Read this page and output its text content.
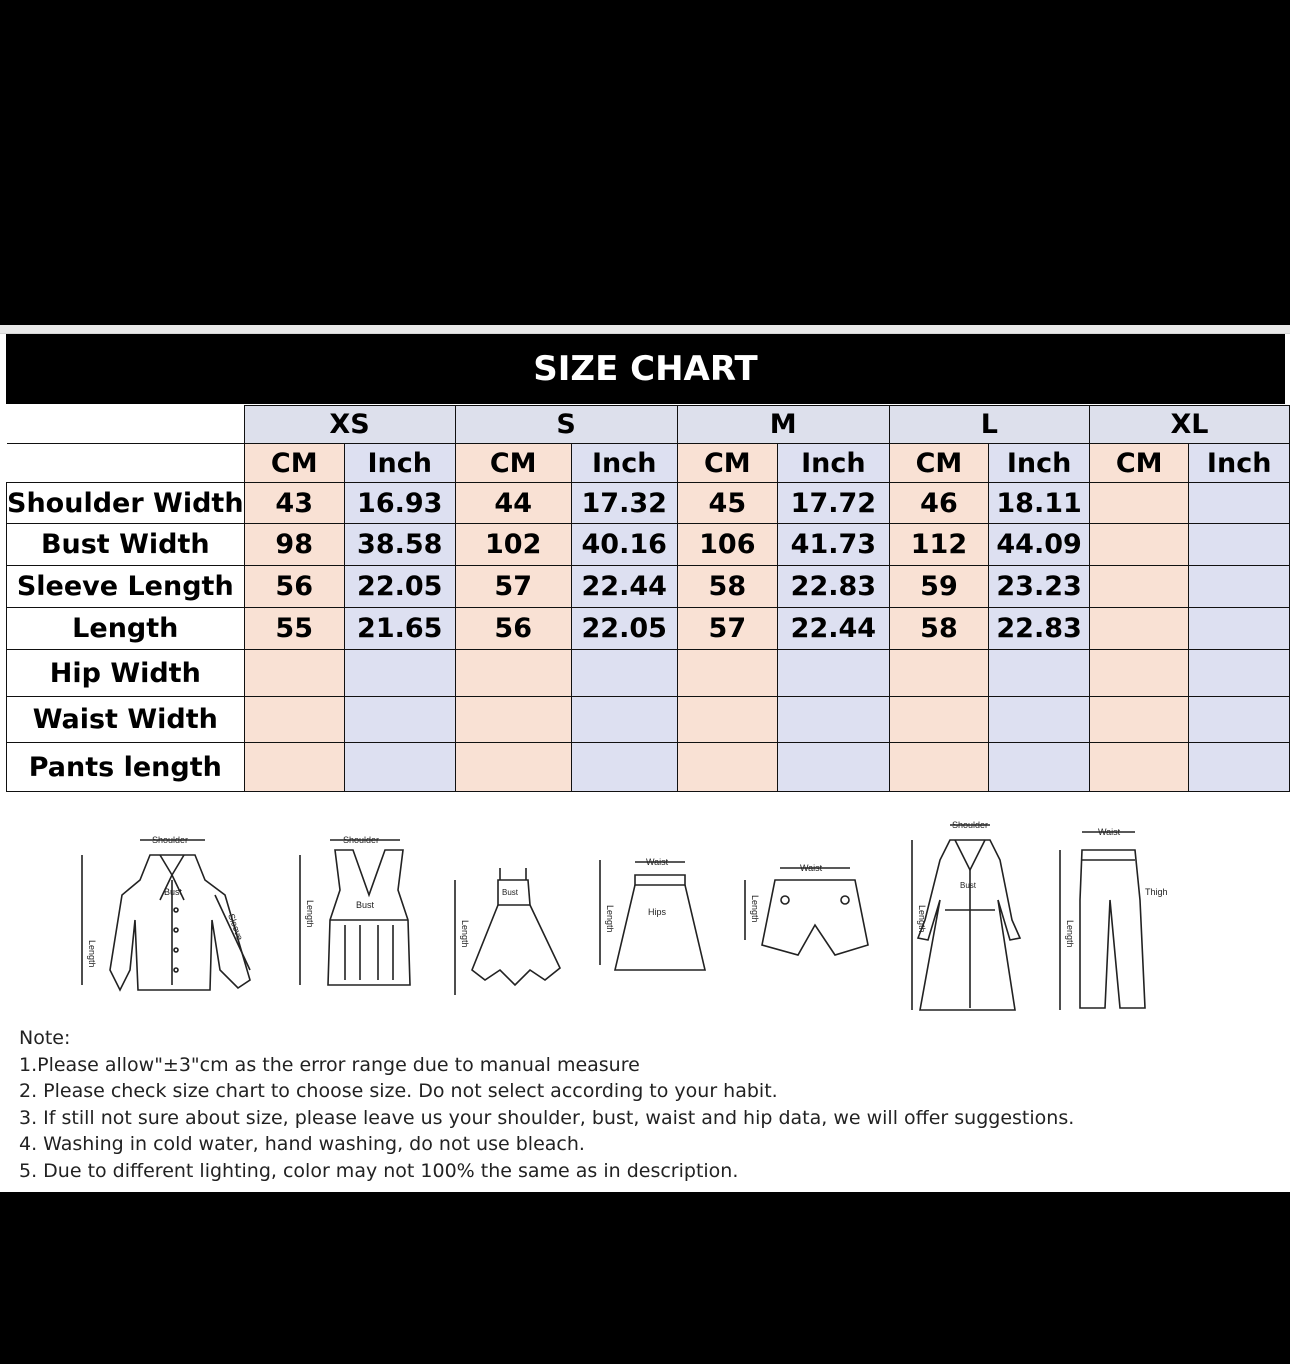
SIZE CHART
	XS		S		M		L		XL	
	CM	Inch	CM	Inch	CM	Inch	CM	Inch	CM	Inch
Shoulder Width	43	16.93	44	17.32	45	17.72	46	18.11		
Bust Width	98	38.58	102	40.16	106	41.73	112	44.09		
Sleeve Length	56	22.05	57	22.44	58	22.83	59	23.23		
Length	55	21.65	56	22.05	57	22.44	58	22.83		
Hip Width										
Waist Width										
Pants length										
Shoulder
Length
Sleeve
Bust
Shoulder
Length	Bust
Length
Bust
Length
Waist
Hips	Length
Waist
Shoulder
Length
Bust
Waist
Length
Thigh
Note:
1.Please allow"±3"cm as the error range due to manual measure
2. Please check size chart to choose size. Do not select according to your habit.
3. If still not sure about size, please leave us your shoulder, bust, waist and hip data, we will offer suggestions.
4. Washing in cold water, hand washing, do not use bleach.
5. Due to different lighting, color may not 100% the same as in description.
